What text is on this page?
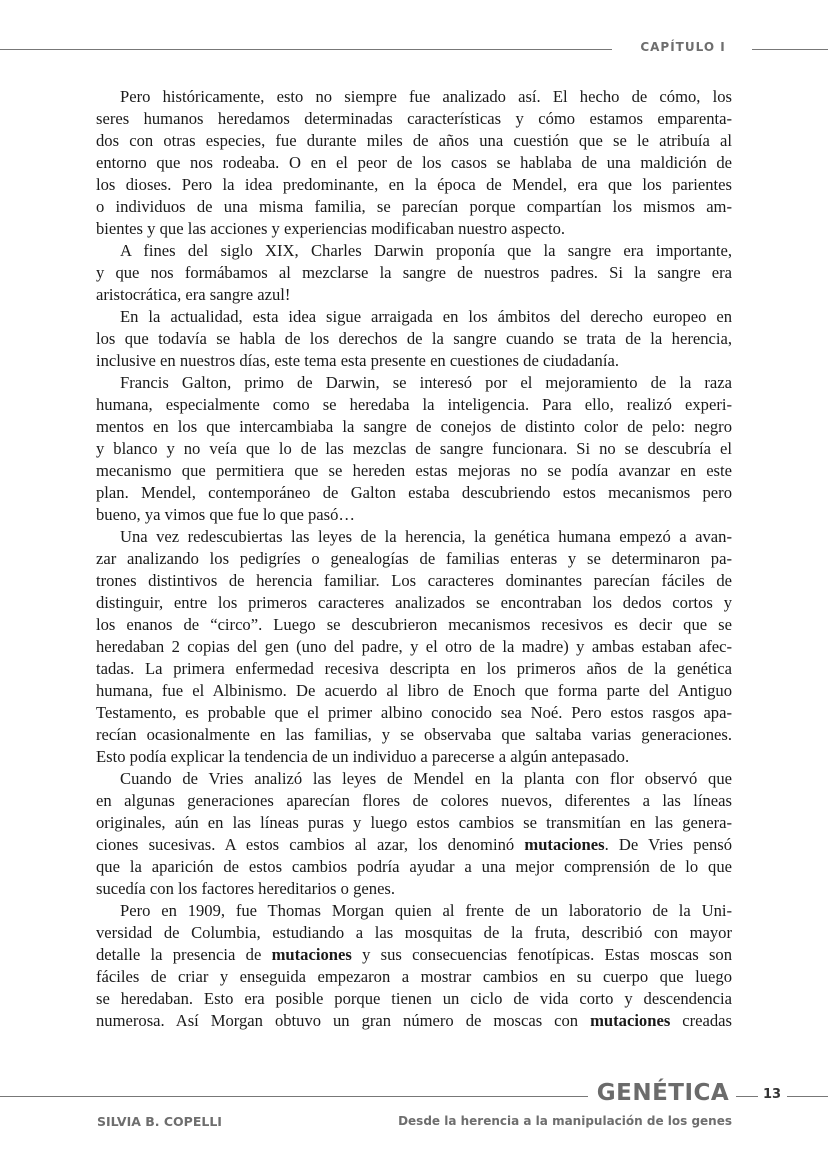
CAPÍTULO I
Pero históricamente, esto no siempre fue analizado así. El hecho de cómo, los
seres humanos heredamos determinadas características y cómo estamos emparenta-
dos con otras especies, fue durante miles de años una cuestión que se le atribuía al
entorno que nos rodeaba. O en el peor de los casos se hablaba de una maldición de
los dioses. Pero la idea predominante, en la época de Mendel, era que los parientes
o individuos de una misma familia, se parecían porque compartían los mismos am-
bientes y que las acciones y experiencias modificaban nuestro aspecto.
A fines del siglo XIX, Charles Darwin proponía que la sangre era importante,
y que nos formábamos al mezclarse la sangre de nuestros padres. Si la sangre era
aristocrática, era sangre azul!
En la actualidad, esta idea sigue arraigada en los ámbitos del derecho europeo en
los que todavía se habla de los derechos de la sangre cuando se trata de la herencia,
inclusive en nuestros días, este tema esta presente en cuestiones de ciudadanía.
Francis Galton, primo de Darwin, se interesó por el mejoramiento de la raza
humana, especialmente como se heredaba la inteligencia. Para ello, realizó experi-
mentos en los que intercambiaba la sangre de conejos de distinto color de pelo: negro
y blanco y no veía que lo de las mezclas de sangre funcionara. Si no se descubría el
mecanismo que permitiera que se hereden estas mejoras no se podía avanzar en este
plan. Mendel, contemporáneo de Galton estaba descubriendo estos mecanismos pero
bueno, ya vimos que fue lo que pasó…
Una vez redescubiertas las leyes de la herencia, la genética humana empezó a avan-
zar analizando los pedigríes o genealogías de familias enteras y se determinaron pa-
trones distintivos de herencia familiar. Los caracteres dominantes parecían fáciles de
distinguir, entre los primeros caracteres analizados se encontraban los dedos cortos y
los enanos de “circo”. Luego se descubrieron mecanismos recesivos es decir que se
heredaban 2 copias del gen (uno del padre, y el otro de la madre) y ambas estaban afec-
tadas. La primera enfermedad recesiva descripta en los primeros años de la genética
humana, fue el Albinismo. De acuerdo al libro de Enoch que forma parte del Antiguo
Testamento, es probable que el primer albino conocido sea Noé. Pero estos rasgos apa-
recían ocasionalmente en las familias, y se observaba que saltaba varias generaciones.
Esto podía explicar la tendencia de un individuo a parecerse a algún antepasado.
Cuando de Vries analizó las leyes de Mendel en la planta con flor observó que
en algunas generaciones aparecían flores de colores nuevos, diferentes a las líneas
originales, aún en las líneas puras y luego estos cambios se transmitían en las genera-
ciones sucesivas. A estos cambios al azar, los denominó mutaciones. De Vries pensó
que la aparición de estos cambios podría ayudar a una mejor comprensión de lo que
sucedía con los factores hereditarios o genes.
Pero en 1909, fue Thomas Morgan quien al frente de un laboratorio de la Uni-
versidad de Columbia, estudiando a las mosquitas de la fruta, describió con mayor
detalle la presencia de mutaciones y sus consecuencias fenotípicas. Estas moscas son
fáciles de criar y enseguida empezaron a mostrar cambios en su cuerpo que luego
se heredaban. Esto era posible porque tienen un ciclo de vida corto y descendencia
numerosa. Así Morgan obtuvo un gran número de moscas con mutaciones creadas
GENÉTICA	13
SILVIA B. COPELLI	Desde la herencia a la manipulación de los genes
